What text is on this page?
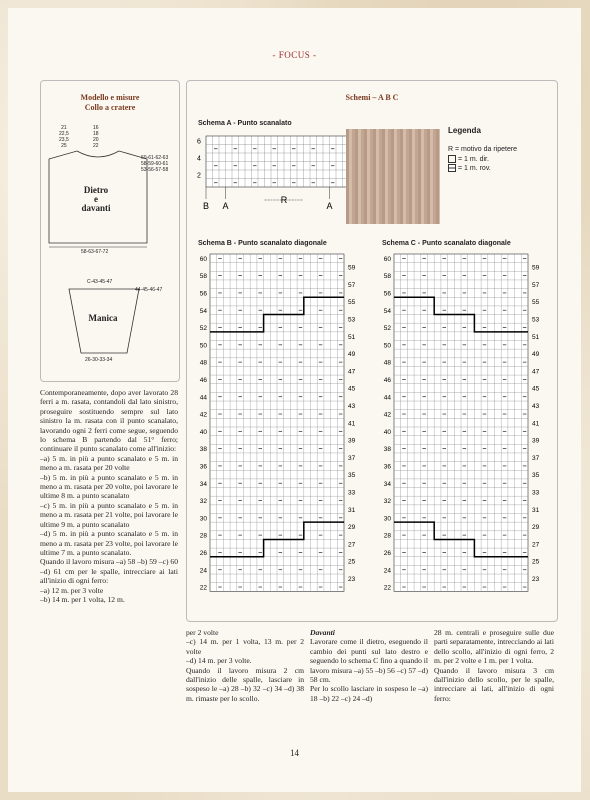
- FOCUS -
Modello e misure
Collo a cratere
21
22,5
23,5
25
16
18
20
22
60-61-62-63
58-59-60-61
53-56-57-58
Dietro
e
davanti
58-63-67-72
C-43-45-47
44-45-46-47
Manica
26-30-33-34
Schemi – A B C
Schema A - Punto scanalato
6
4
2
B A
R
A
Legenda
R = motivo da ripetere
= 1 m. dir.
= 1 m. rov.
Schema B - Punto scanalato diagonale
60
58
56
54
52
50
48
46
44
42
40
38
36
34
32
30
28
26
24
22
59
57
55
53
51
49
47
45
43
41
39
37
35
33
31
29
27
25
23
Schema C - Punto scanalato diagonale
60
58
56
54
52
50
48
46
44
42
40
38
36
34
32
30
28
26
24
22
59
57
55
53
51
49
47
45
43
41
39
37
35
33
31
29
27
25
23
Contemporaneamente, dopo aver lavorato 28 ferri a m. rasata, contandoli dal lato sinistro, proseguire sostituendo sempre sul lato sinistro la m. rasata con il punto scanalato, lavorando ogni 2 ferri come segue, seguendo lo schema B partendo dal 51° ferro; continuare il punto scanalato come all'inizio:
–a) 5 m. in più a punto scanalato e 5 m. in meno a m. rasata per 20 volte
–b) 5 m. in più a punto scanalato e 5 m. in meno a m. rasata per 20 volte, poi lavorare le ultime 8 m. a punto scanalato
–c) 5 m. in più a punto scanalato e 5 m. in meno a m. rasata per 21 volte, poi lavorare le ultime 9 m. a punto scanalato
–d) 5 m. in più a punto scanalato e 5 m. in meno a m. rasata per 23 volte, poi lavorare le ultime 7 m. a punto scanalato.
Quando il lavoro misura –a) 58 –b) 59 –c) 60 –d) 61 cm per le spalle, intrecciare ai lati all'inizio di ogni ferro:
–a) 12 m. per 3 volte
–b) 14 m. per 1 volta, 12 m.
per 2 volte
–c) 14 m. per 1 volta, 13 m. per 2 volte
–d) 14 m. per 3 volte.
Quando il lavoro misura 2 cm dall'inizio delle spalle, lasciare in sospeso le –a) 28 –b) 32 –c) 34 –d) 38 m. rimaste per lo scollo.
Davanti
Lavorare come il dietro, eseguendo il cambio dei punti sul lato destro e seguendo lo schema C fino a quando il lavoro misura –a) 55 –b) 56 –c) 57 –d) 58 cm.
Per lo scollo lasciare in sospeso le –a) 18 –b) 22 –c) 24 –d)
28 m. centrali e proseguire sulle due parti separatamente, intrecciando ai lati dello scollo, all'inizio di ogni ferro, 2 m. per 2 volte e 1 m. per 1 volta.
Quando il lavoro misura 3 cm dall'inizio dello scollo, per le spalle, intrecciare ai lati, all'inizio di ogni ferro:
14
